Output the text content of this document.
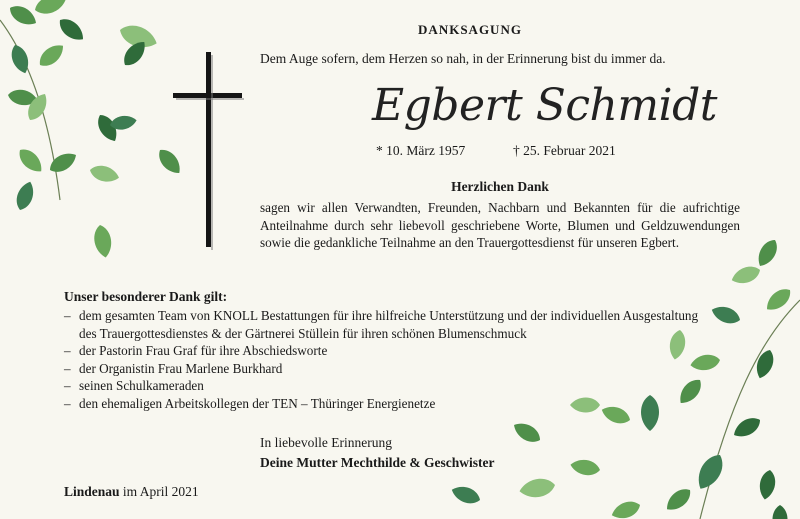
DANKSAGUNG
Dem Auge sofern, dem Herzen so nah, in der Erinnerung bist du immer da.
Egbert Schmidt
* 10. März 1957	† 25. Februar 2021
Herzlichen Dank
sagen wir allen Verwandten, Freunden, Nachbarn und Bekannten für die aufrichtige Anteilnahme durch sehr liebevoll geschriebene Worte, Blumen und Geldzuwendungen sowie die gedankliche Teilnahme an den Trauergottesdienst für unseren Egbert.
Unser besonderer Dank gilt:
– dem gesamten Team von KNOLL Bestattungen für ihre hilfreiche Unterstützung und der individuellen Ausgestaltung des Trauergottesdienstes & der Gärtnerei Stüllein für ihren schönen Blumenschmuck
– der Pastorin Frau Graf für ihre Abschiedsworte
– der Organistin Frau Marlene Burkhard
– seinen Schulkameraden
– den ehemaligen Arbeitskollegen der TEN – Thüringer Energienetze
In liebevolle Erinnerung
Deine Mutter Mechthilde & Geschwister
Lindenau im April 2021
